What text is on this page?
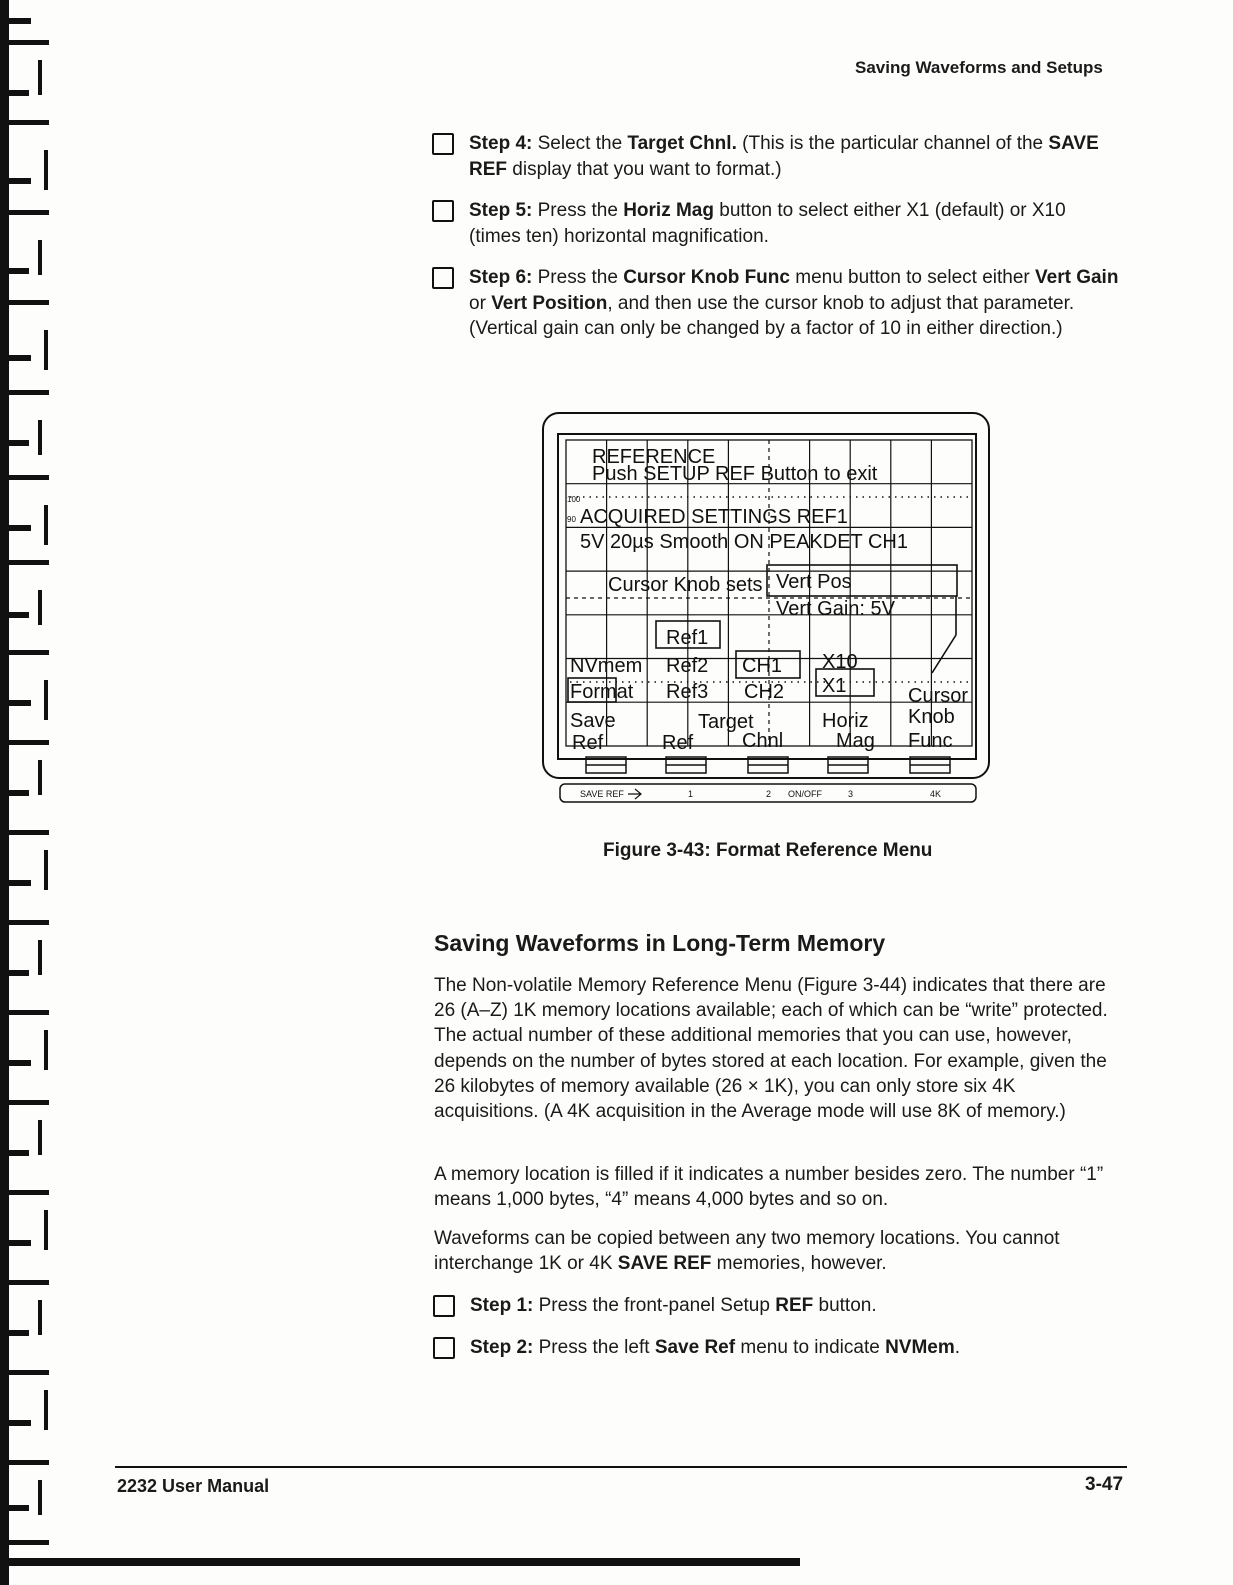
Saving Waveforms and Setups
Step 4: Select the Target Chnl. (This is the particular channel of the SAVE REF display that you want to format.)
Step 5: Press the Horiz Mag button to select either X1 (default) or X10 (times ten) horizontal magnification.
Step 6: Press the Cursor Knob Func menu button to select either Vert Gain or Vert Position, and then use the cursor knob to adjust that parameter. (Vertical gain can only be changed by a factor of 10 in either direction.)
REFERENCE
Push SETUP REF Button to exit
100
90 ACQUIRED SETTINGS REF1
5V 20µs Smooth ON PEAKDET CH1
Cursor Knob sets Vert Pos
Vert Gain: 5V
Ref1
NVmem Ref2 CH1 X10
Format Ref3 CH2 X1	Cursor
Save	Target	Horiz Knob
Ref	Ref Chnl	Mag Func
SAVE REF	1	2 ON/OFF	3	4K
Figure 3-43: Format Reference Menu
Saving Waveforms in Long-Term Memory
The Non-volatile Memory Reference Menu (Figure 3-44) indicates that there are 26 (A–Z) 1K memory locations available; each of which can be “write” protected. The actual number of these additional memories that you can use, however, depends on the number of bytes stored at each location. For example, given the 26 kilobytes of memory available (26 × 1K), you can only store six 4K acquisitions. (A 4K acquisition in the Average mode will use 8K of memory.)
A memory location is filled if it indicates a number besides zero. The number “1” means 1,000 bytes, “4” means 4,000 bytes and so on.
Waveforms can be copied between any two memory locations. You cannot interchange 1K or 4K SAVE REF memories, however.
Step 1: Press the front-panel Setup REF button.
Step 2: Press the left Save Ref menu to indicate NVMem.
2232 User Manual	3-47
